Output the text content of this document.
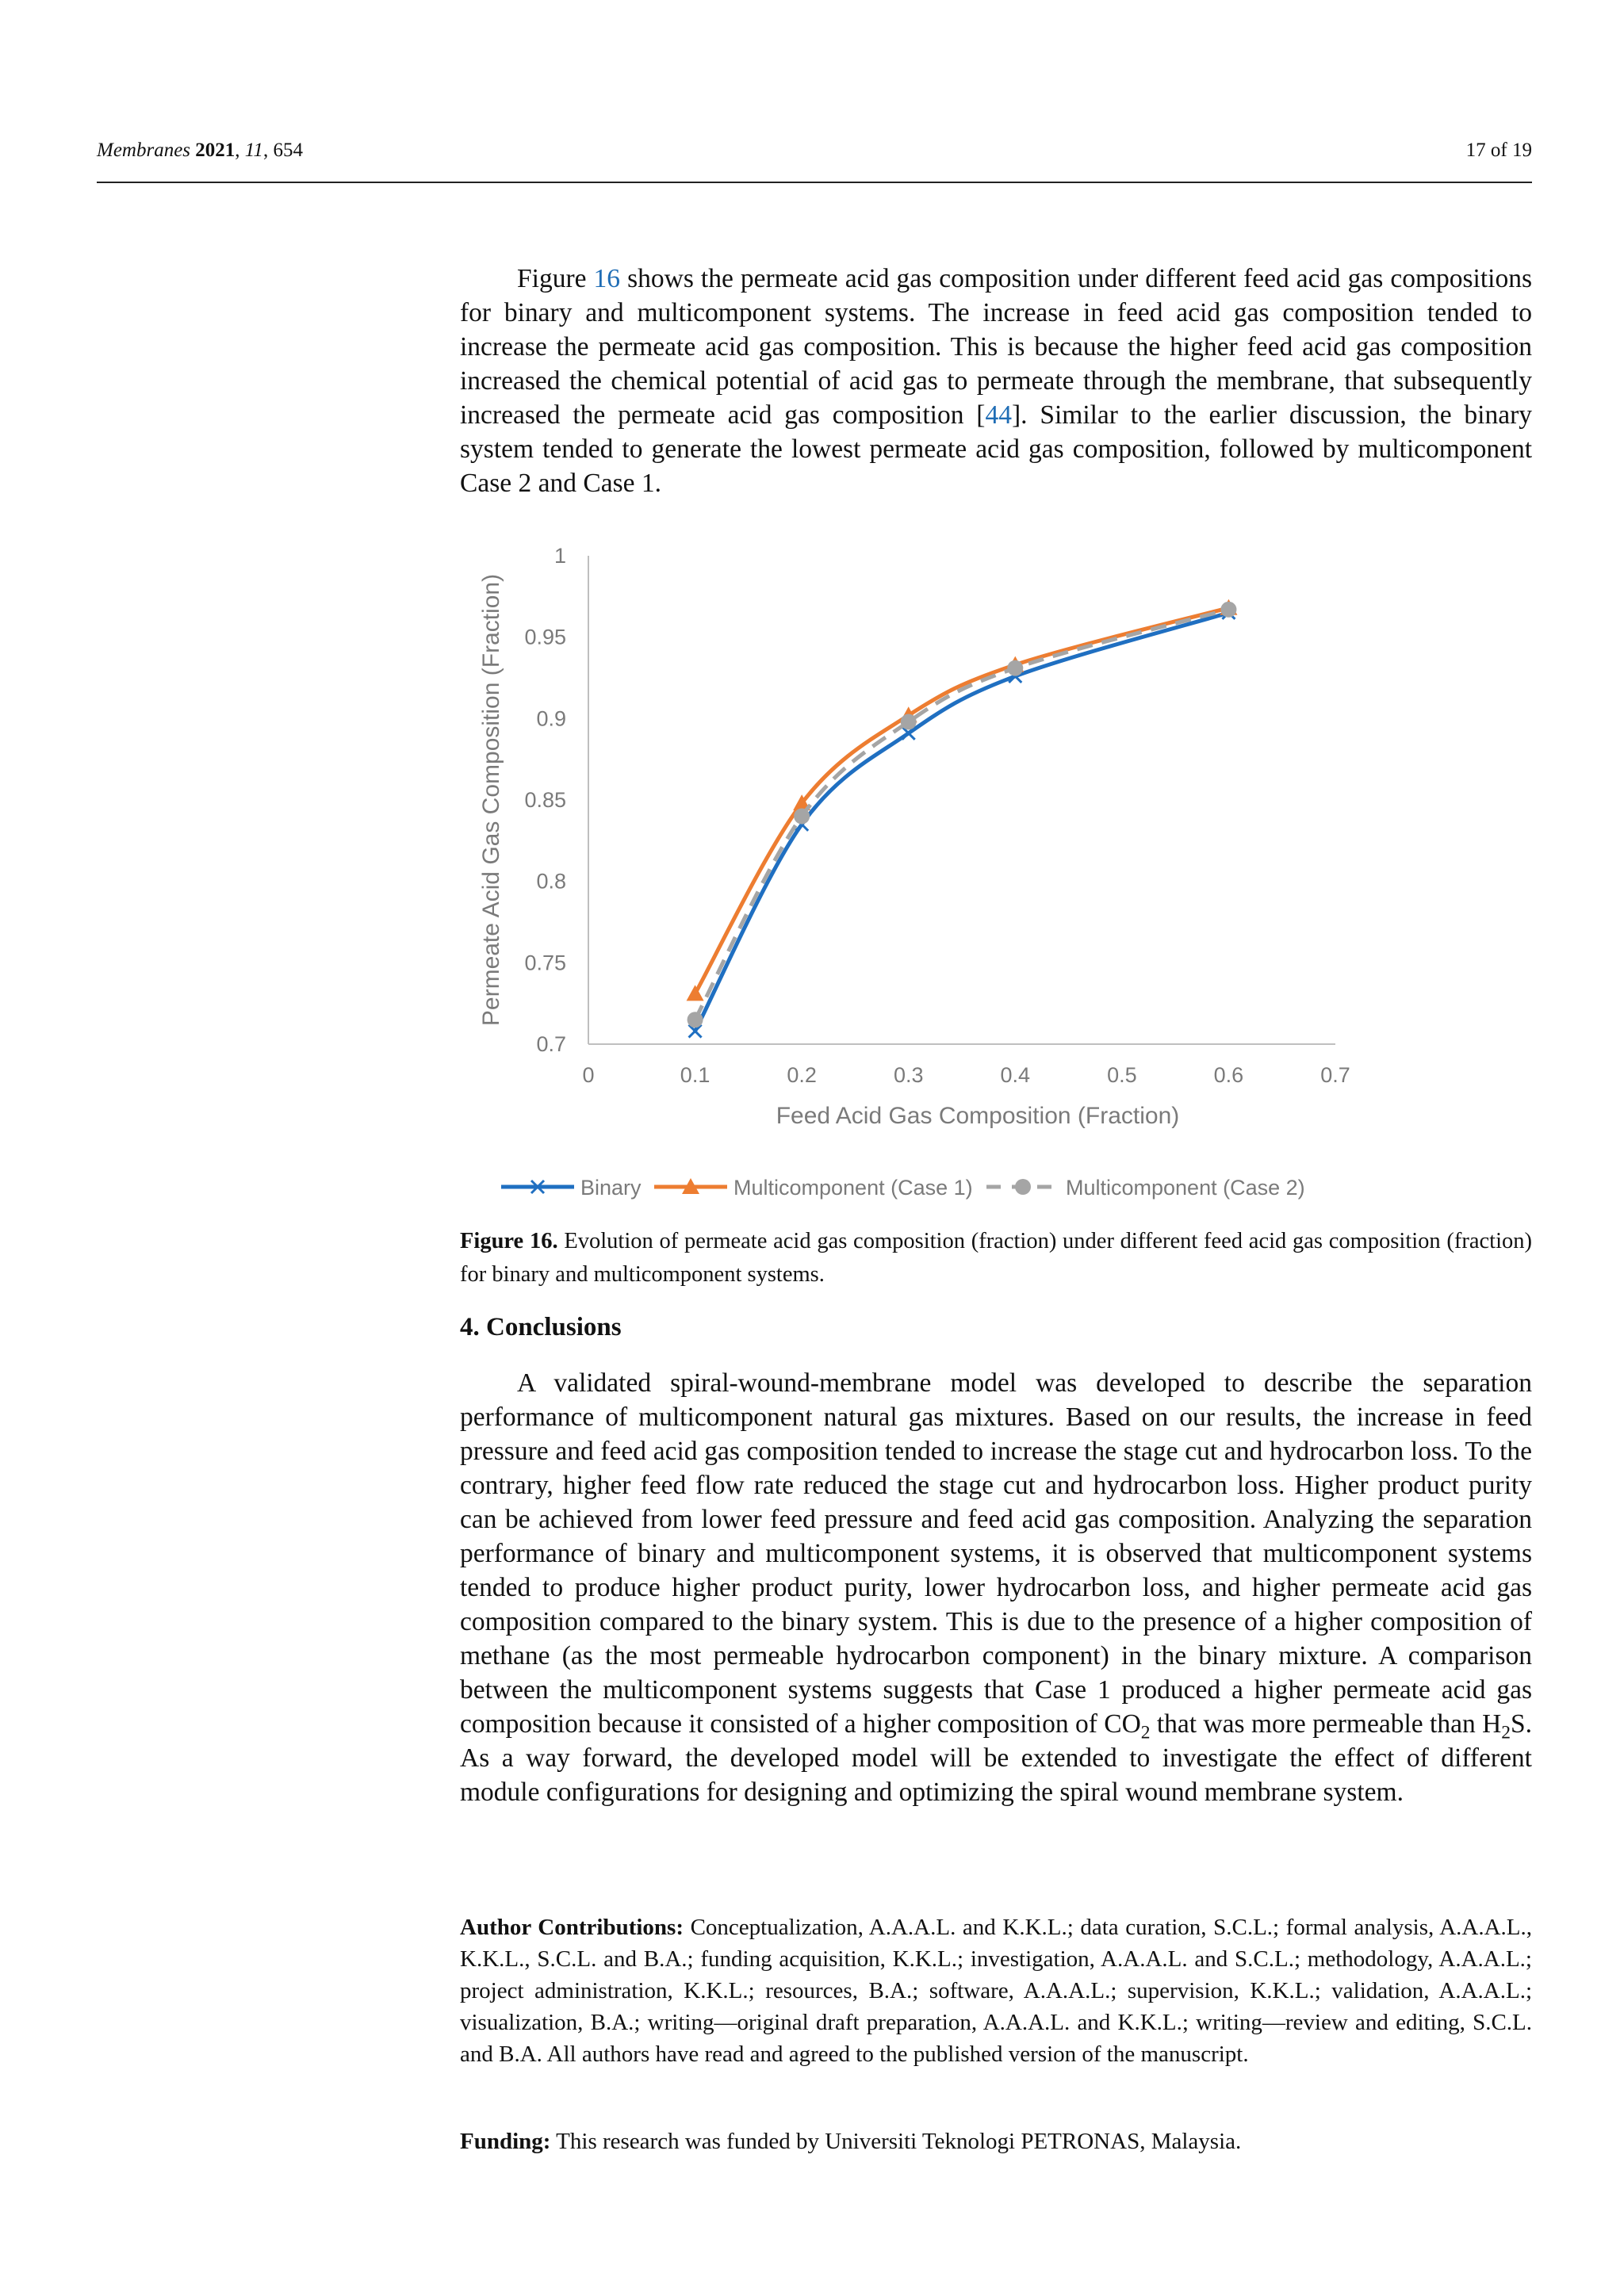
Membranes 2021, 11, 654	17 of 19

Figure 16 shows the permeate acid gas composition under different feed acid gas compositions for binary and multicomponent systems. The increase in feed acid gas composition tended to increase the permeate acid gas composition. This is because the higher feed acid gas composition increased the chemical potential of acid gas to permeate through the membrane, that subsequently increased the permeate acid gas composition [44]. Similar to the earlier discussion, the binary system tended to generate the lowest permeate acid gas composition, followed by multicomponent Case 2 and Case 1.

0	0.1	0.2	0.3	0.4	0.5	0.6	0.7
0.7
0.75
0.8
0.85
0.9
0.95
1
Feed Acid Gas Composition (Fraction)
Permeate Acid Gas Composition (Fraction)
Binary	Multicomponent (Case 1)	Multicomponent (Case 2)
Figure 16. Evolution of permeate acid gas composition (fraction) under different feed acid gas composition (fraction) for binary and multicomponent systems.
4. Conclusions

A validated spiral-wound-membrane model was developed to describe the separation performance of multicomponent natural gas mixtures. Based on our results, the increase in feed pressure and feed acid gas composition tended to increase the stage cut and hydrocarbon loss. To the contrary, higher feed flow rate reduced the stage cut and hydrocarbon loss. Higher product purity can be achieved from lower feed pressure and feed acid gas composition. Analyzing the separation performance of binary and multicomponent systems, it is observed that multicomponent systems tended to produce higher product purity, lower hydrocarbon loss, and higher permeate acid gas composition compared to the binary system. This is due to the presence of a higher composition of methane (as the most permeable hydrocarbon component) in the binary mixture. A comparison between the multicomponent systems suggests that Case 1 produced a higher permeate acid gas composition because it consisted of a higher composition of $CO_2$ that was more permeable than $H_2S$. As a way forward, the developed model will be extended to investigate the effect of different module configurations for designing and optimizing the spiral wound membrane system.

Author Contributions: Conceptualization, A.A.A.L. and K.K.L.; data curation, S.C.L.; formal analysis, A.A.A.L., K.K.L., S.C.L. and B.A.; funding acquisition, K.K.L.; investigation, A.A.A.L. and S.C.L.; methodology, A.A.A.L.; project administration, K.K.L.; resources, B.A.; software, A.A.A.L.; supervision, K.K.L.; validation, A.A.A.L.; visualization, B.A.; writing—original draft preparation, A.A.A.L. and K.K.L.; writing—review and editing, S.C.L. and B.A. All authors have read and agreed to the published version of the manuscript.

Funding: This research was funded by Universiti Teknologi PETRONAS, Malaysia.
